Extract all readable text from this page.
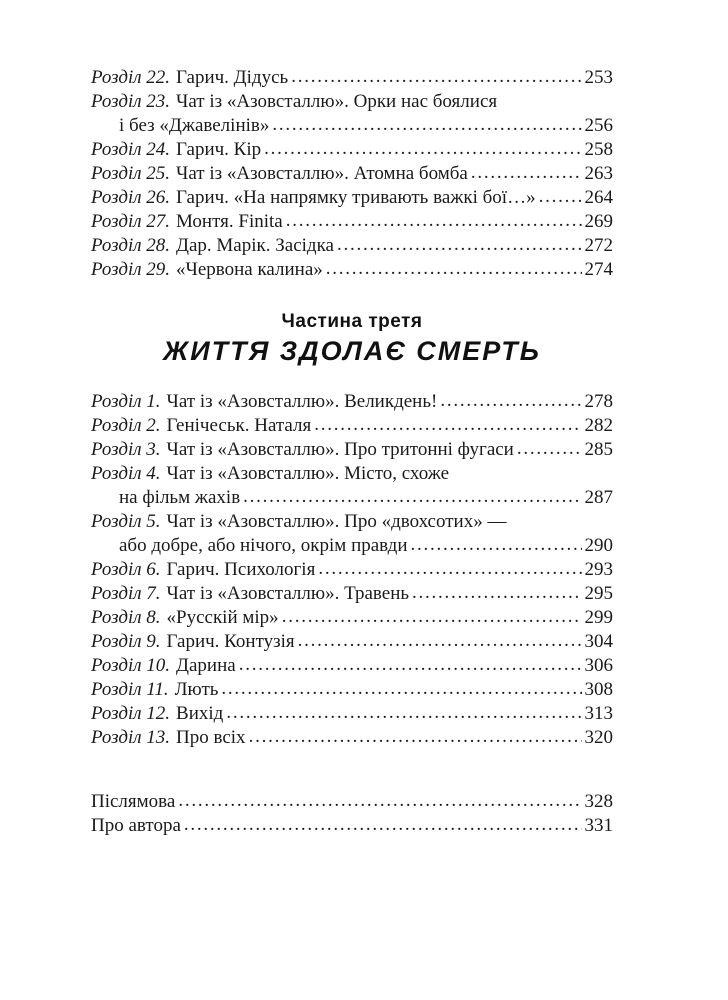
Розділ 22. Гарич. Дідусь . . .	253
Розділ 23. Чат із «Азовсталлю». Орки нас боялися
і без «Джавелінів» . . .	256
Розділ 24. Гарич. Кір . . .	258
Розділ 25. Чат із «Азовсталлю». Атомна бомба . . .	263
Розділ 26. Гарич. «На напрямку тривають важкі бої…» . . .	264
Розділ 27. Монтя. Finita . . .	269
Розділ 28. Дар. Марік. Засідка . . .	272
Розділ 29. «Червона калина» . . .	274
Частина третя
ЖИТТЯ ЗДОЛАЄ СМЕРТЬ
Розділ 1. Чат із «Азовсталлю». Великдень! . . .	278
Розділ 2. Генічеськ. Наталя . . .	282
Розділ 3. Чат із «Азовсталлю». Про тритонні фугаси . . .	285
Розділ 4. Чат із «Азовсталлю». Місто, схоже
на фільм жахів . . .	287
Розділ 5. Чат із «Азовсталлю». Про «двохсотих» —
або добре, або нічого, окрім правди . . .	290
Розділ 6. Гарич. Психологія . . .	293
Розділ 7. Чат із «Азовсталлю». Травень . . .	295
Розділ 8. «Русскій мір» . . .	299
Розділ 9. Гарич. Контузія . . .	304
Розділ 10. Дарина . . .	306
Розділ 11. Лють . . .	308
Розділ 12. Вихід . . .	313
Розділ 13. Про всіх . . .	320
Післямова . . .	328
Про автора . . .	331
